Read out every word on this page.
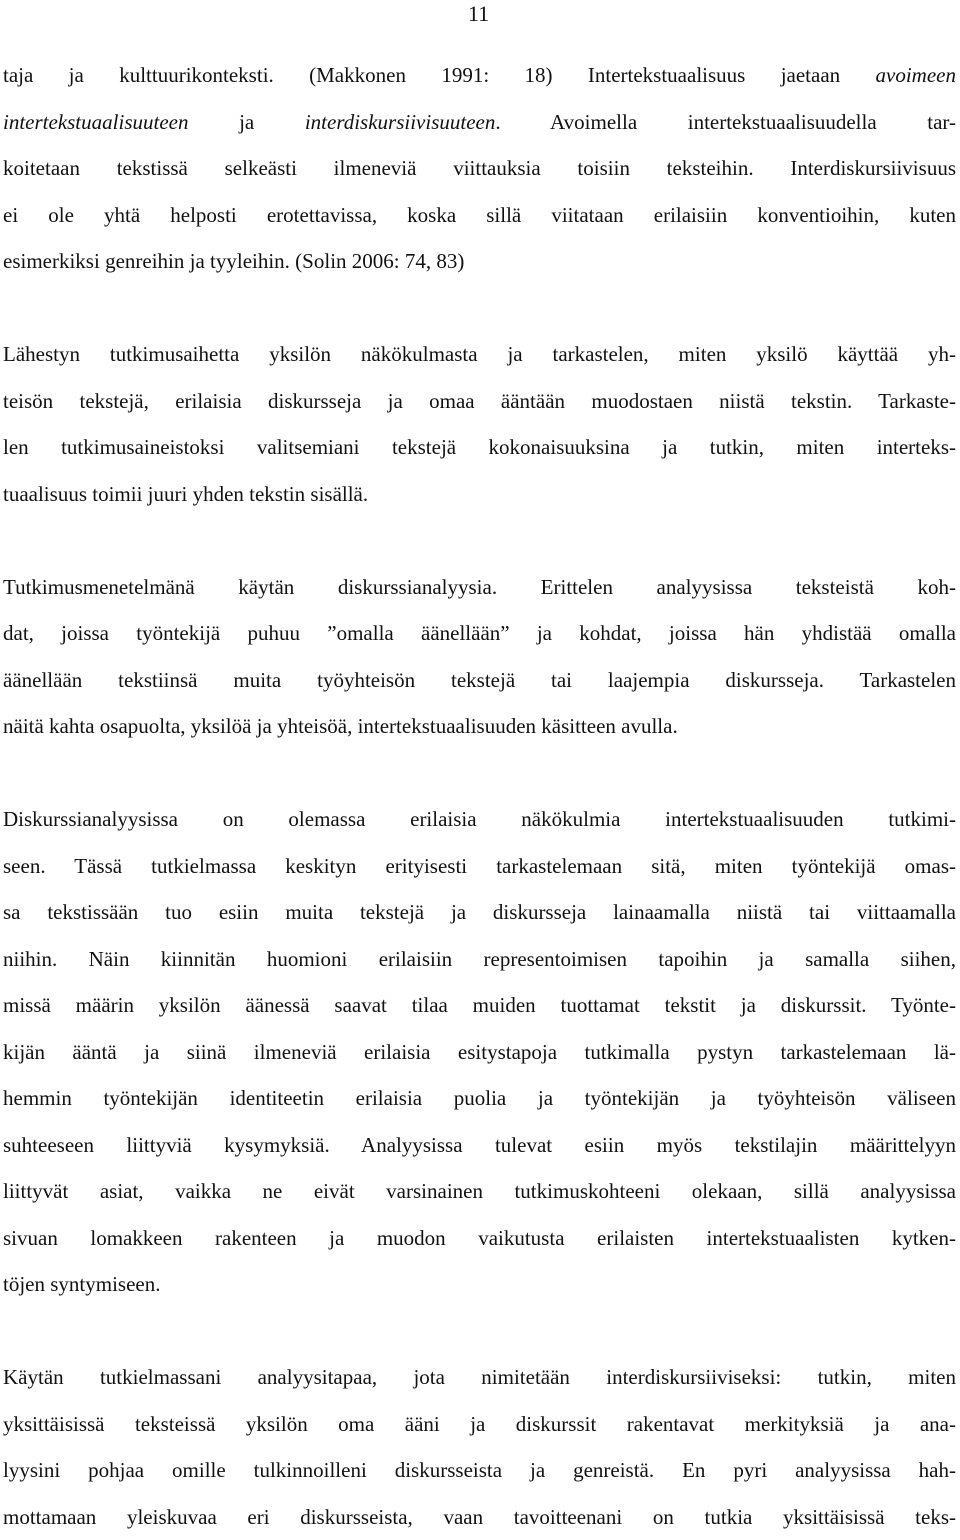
11

taja ja kulttuurikonteksti. (Makkonen 1991: 18) Intertekstuaalisuus jaetaan avoimeen
intertekstuaalisuuteen ja interdiskursiivisuuteen. Avoimella intertekstuaalisuudella tar-
koitetaan tekstissä selkeästi ilmeneviä viittauksia toisiin teksteihin. Interdiskursiivisuus
ei ole yhtä helposti erotettavissa, koska sillä viitataan erilaisiin konventioihin, kuten
esimerkiksi genreihin ja tyyleihin. (Solin 2006: 74, 83)

Lähestyn tutkimusaihetta yksilön näkökulmasta ja tarkastelen, miten yksilö käyttää yh-
teisön tekstejä, erilaisia diskursseja ja omaa ääntään muodostaen niistä tekstin. Tarkaste-
len tutkimusaineistoksi valitsemiani tekstejä kokonaisuuksina ja tutkin, miten interteks-
tuaalisuus toimii juuri yhden tekstin sisällä.

Tutkimusmenetelmänä käytän diskurssianalyysia. Erittelen analyysissa teksteistä koh-
dat, joissa työntekijä puhuu ”omalla äänellään” ja kohdat, joissa hän yhdistää omalla
äänellään tekstiinsä muita työyhteisön tekstejä tai laajempia diskursseja. Tarkastelen
näitä kahta osapuolta, yksilöä ja yhteisöä, intertekstuaalisuuden käsitteen avulla.

Diskurssianalyysissa on olemassa erilaisia näkökulmia intertekstuaalisuuden tutkimi-
seen. Tässä tutkielmassa keskityn erityisesti tarkastelemaan sitä, miten työntekijä omas-
sa tekstissään tuo esiin muita tekstejä ja diskursseja lainaamalla niistä tai viittaamalla
niihin. Näin kiinnitän huomioni erilaisiin representoimisen tapoihin ja samalla siihen,
missä määrin yksilön äänessä saavat tilaa muiden tuottamat tekstit ja diskurssit. Työnte-
kijän ääntä ja siinä ilmeneviä erilaisia esitystapoja tutkimalla pystyn tarkastelemaan lä-
hemmin työntekijän identiteetin erilaisia puolia ja työntekijän ja työyhteisön väliseen
suhteeseen liittyviä kysymyksiä. Analyysissa tulevat esiin myös tekstilajin määrittelyyn
liittyvät asiat, vaikka ne eivät varsinainen tutkimuskohteeni olekaan, sillä analyysissa
sivuan lomakkeen rakenteen ja muodon vaikutusta erilaisten intertekstuaalisten kytken-
töjen syntymiseen.

Käytän tutkielmassani analyysitapaa, jota nimitetään interdiskursiiviseksi: tutkin, miten
yksittäisissä teksteissä yksilön oma ääni ja diskurssit rakentavat merkityksiä ja ana-
lyysini pohjaa omille tulkinnoilleni diskursseista ja genreistä. En pyri analyysissa hah-
mottamaan yleiskuvaa eri diskursseista, vaan tavoitteenani on tutkia yksittäisissä teks-
